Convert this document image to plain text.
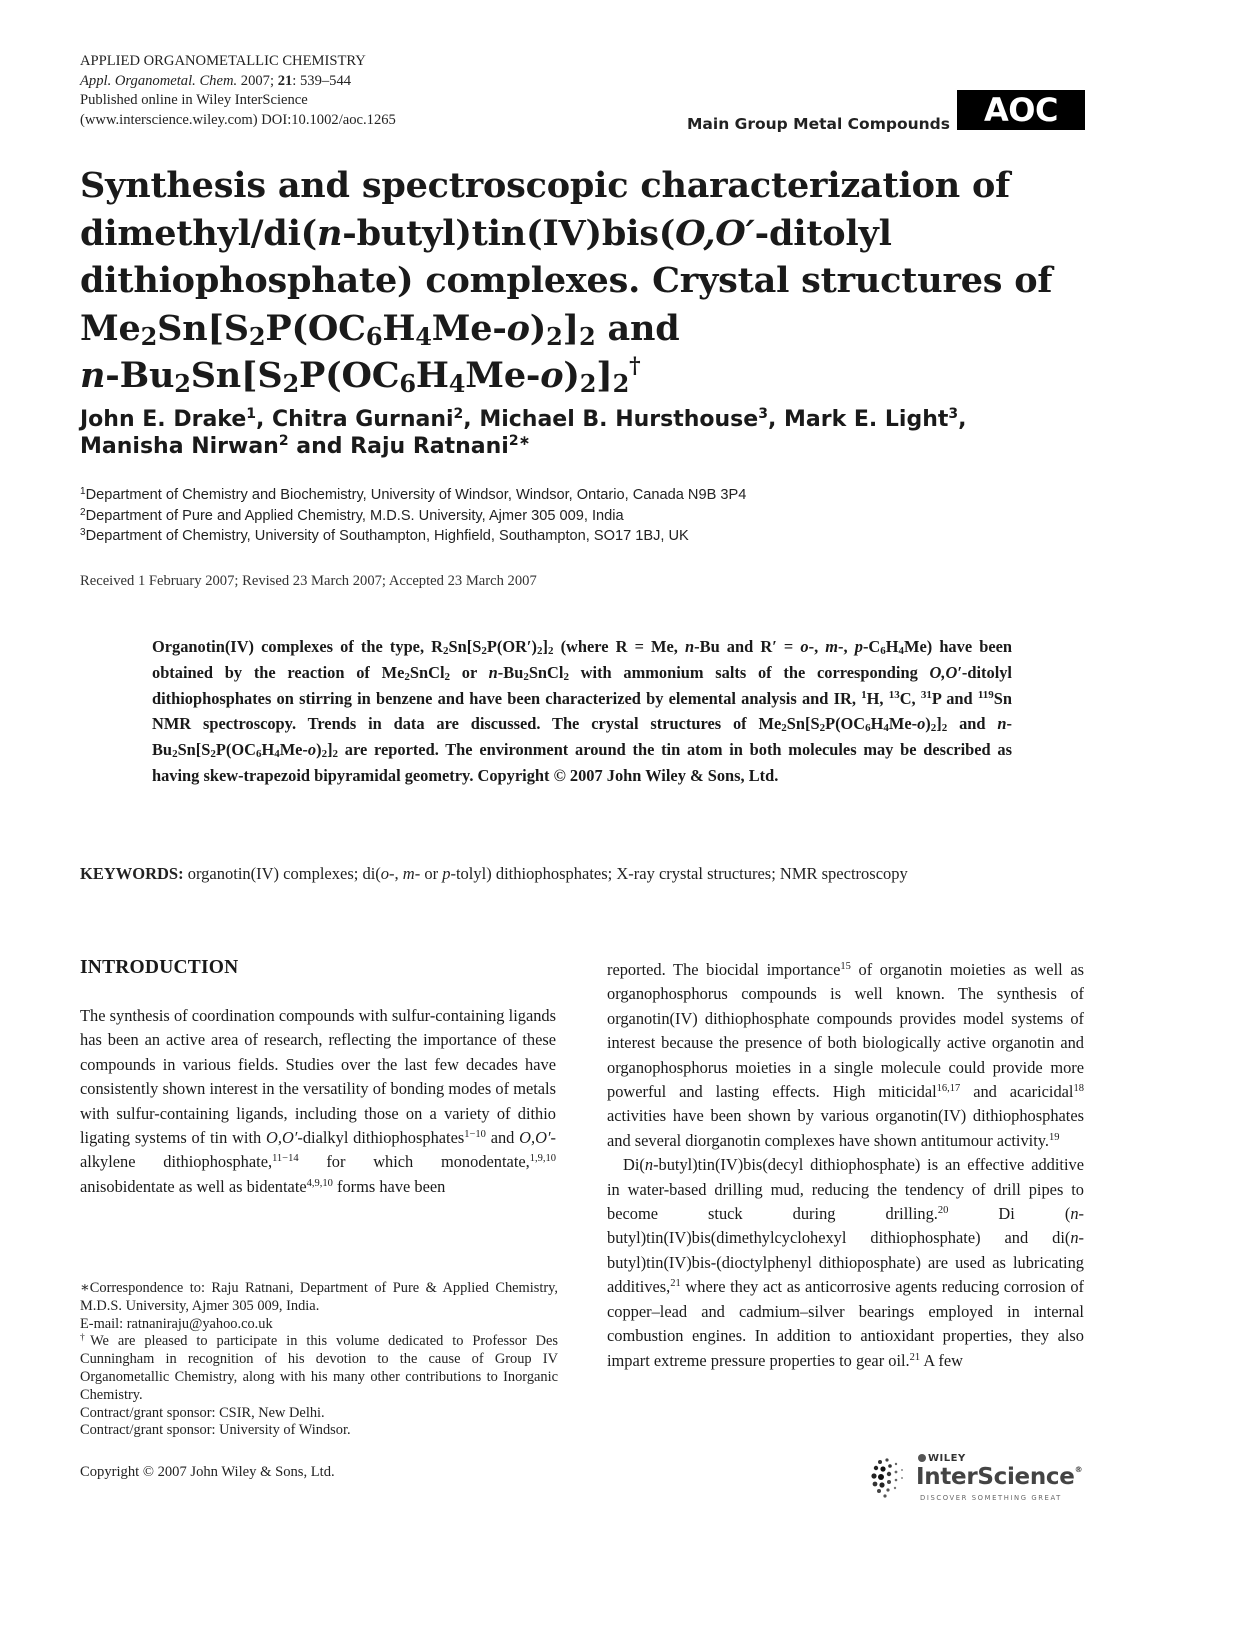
APPLIED ORGANOMETALLIC CHEMISTRY
Appl. Organometal. Chem. 2007; 21: 539–544
Published online in Wiley InterScience
(www.interscience.wiley.com) DOI:10.1002/aoc.1265	Main Group Metal Compounds	AOC
Synthesis and spectroscopic characterization of
dimethyl/di(n-butyl)tin(IV)bis(O,O′-ditolyl
dithiophosphate) complexes. Crystal structures of
$Me_2Sn[S_2P(OC_6H_4Me-o)_2]_2$ and
$n-Bu_2Sn[S_2P(OC_6H_4Me-o)_2]_2^\dagger$
John E. Drake$^1$, Chitra Gurnani$^2$, Michael B. Hursthouse$^3$, Mark E. Light$^3$,
Manisha Nirwan$^2$ and Raju Ratnani$^{2∗}$
$^1$Department of Chemistry and Biochemistry, University of Windsor, Windsor, Ontario, Canada N9B 3P4
$^2$Department of Pure and Applied Chemistry, M.D.S. University, Ajmer 305 009, India
$^3$Department of Chemistry, University of Southampton, Highfield, Southampton, SO17 1BJ, UK
Received 1 February 2007; Revised 23 March 2007; Accepted 23 March 2007
Organotin(IV) complexes of the type, $R_2Sn[S_2P(OR')_2]_2$ (where R = Me, n-Bu and R′ = o-, m-, $p-C_6H_4Me$) have been obtained by the reaction of $Me_2SnCl_2$ or $n-Bu_2SnCl_2$ with ammonium salts of the corresponding O,O′-ditolyl dithiophosphates on stirring in benzene and have been characterized by elemental analysis and IR, $^1$H, $^{13}$C, $^{31}$P and $^{119}$Sn NMR spectroscopy. Trends in data are discussed. The crystal structures of $Me_2Sn[S_2P(OC_6H_4Me-o)_2]_2$ and $n-Bu_2Sn[S_2P(OC_6H_4Me-o)_2]_2$ are reported. The environment around the tin atom in both molecules may be described as having skew-trapezoid bipyramidal geometry. Copyright © 2007 John Wiley & Sons, Ltd.
KEYWORDS: organotin(IV) complexes; di(o-, m- or p-tolyl) dithiophosphates; X-ray crystal structures; NMR spectroscopy
INTRODUCTION

The synthesis of coordination compounds with sulfur-containing ligands has been an active area of research, reflecting the importance of these compounds in various fields. Studies over the last few decades have consistently shown interest in the versatility of bonding modes of metals with sulfur-containing ligands, including those on a variety of dithio ligating systems of tin with O,O′-dialkyl dithiophosphates$^{1-10}$ and O,O′-alkylene dithiophosphate,$^{11-14}$ for which monodentate,$^{1,9,10}$ anisobidentate as well as bidentate$^{4,9,10}$ forms have been

reported. The biocidal importance$^{15}$ of organotin moieties as well as organophosphorus compounds is well known. The synthesis of organotin(IV) dithiophosphate compounds provides model systems of interest because the presence of both biologically active organotin and organophosphorus moieties in a single molecule could provide more powerful and lasting effects. High miticidal$^{16,17}$ and acaricidal$^{18}$ activities have been shown by various organotin(IV) dithiophosphates and several diorganotin complexes have shown antitumour activity.$^{19}$

Di(n-butyl)tin(IV)bis(decyl dithiophosphate) is an effective additive in water-based drilling mud, reducing the tendency of drill pipes to become stuck during drilling.$^{20}$ Di (n-butyl)tin(IV)bis(dimethylcyclohexyl dithiophosphate) and di(n-butyl)tin(IV)bis-(dioctylphenyl dithioposphate) are used as lubricating additives,$^{21}$ where they act as anticorrosive agents reducing corrosion of copper–lead and cadmium–silver bearings employed in internal combustion engines. In addition to antioxidant properties, they also impart extreme pressure properties to gear oil.$^{21}$ A few

∗Correspondence to: Raju Ratnani, Department of Pure & Applied Chemistry, M.D.S. University, Ajmer 305 009, India.

E-mail: ratnaniraju@yahoo.co.uk

†We are pleased to participate in this volume dedicated to Professor Des Cunningham in recognition of his devotion to the cause of Group IV Organometallic Chemistry, along with his many other contributions to Inorganic Chemistry.

Contract/grant sponsor: CSIR, New Delhi.

Contract/grant sponsor: University of Windsor.

Copyright © 2007 John Wiley & Sons, Ltd.
WILEY
InterScience®
DISCOVER SOMETHING GREAT
